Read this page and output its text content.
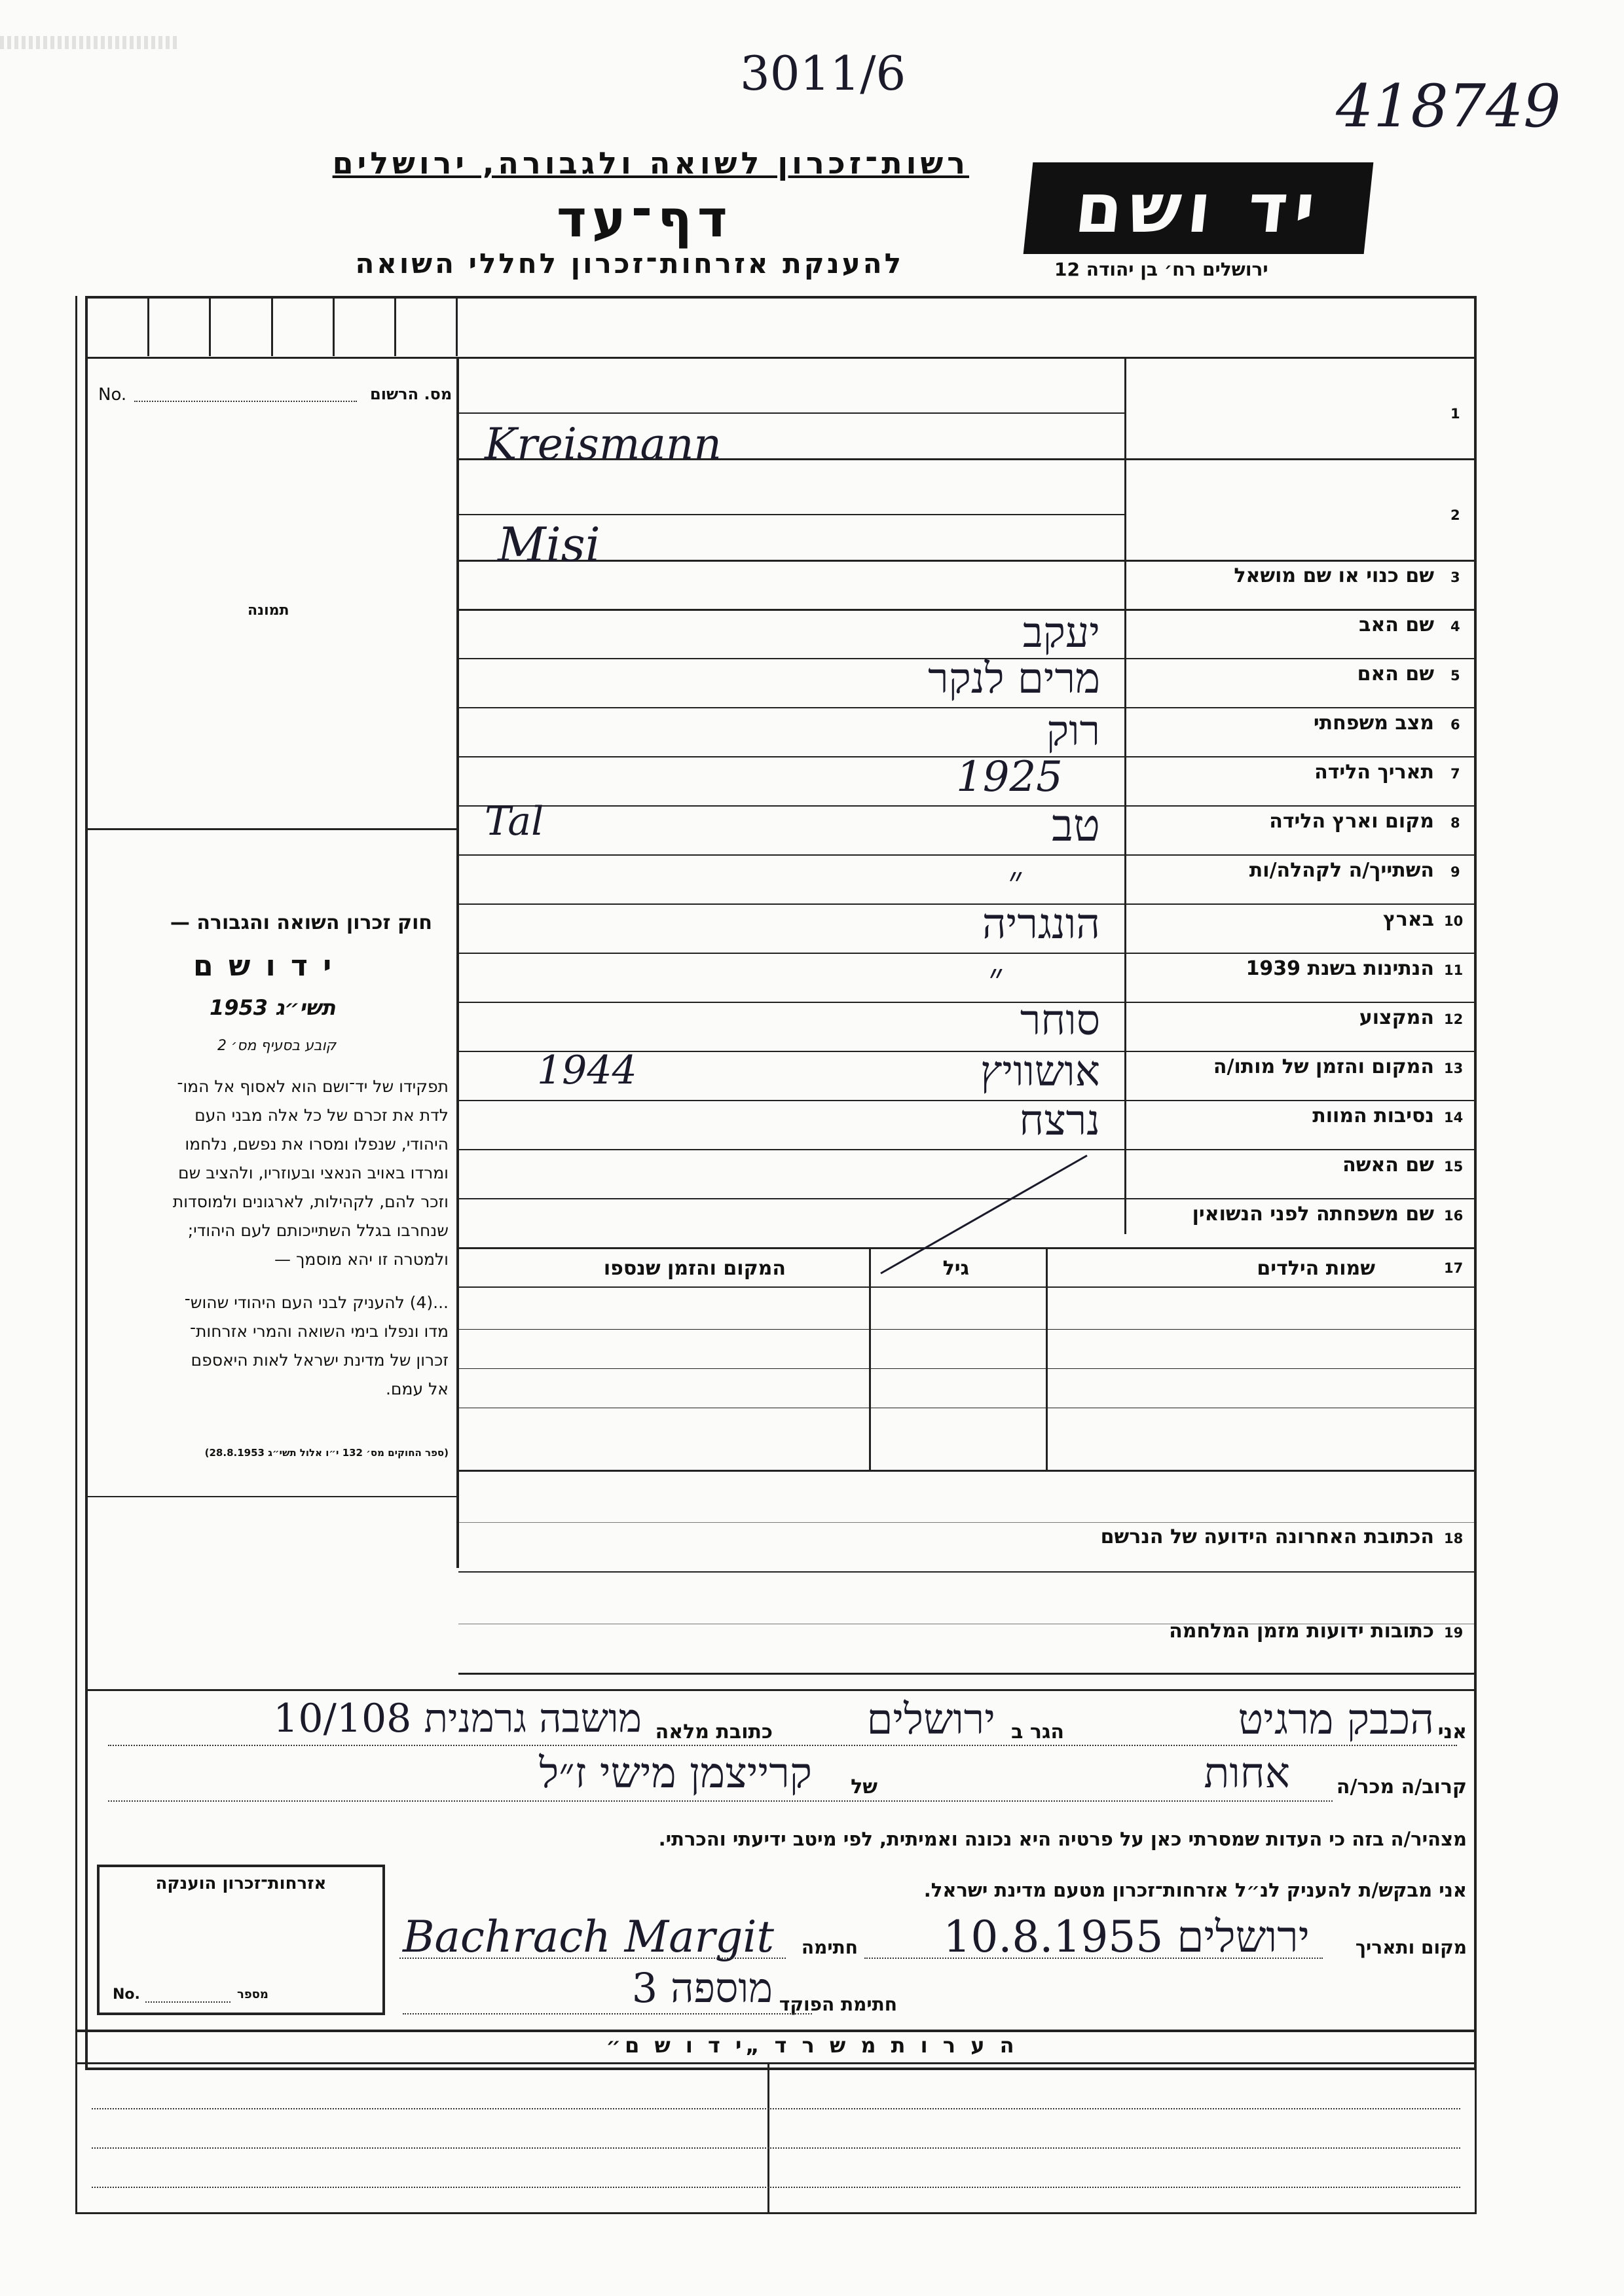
3011/6	418749
רשות־זכרון לשואה ולגבורה, ירושלים
דף־עד
להענקת אזרחות־זכרון לחללי השואה
יד ושם
ירושלים רח׳ בן יהודה 12
No.	מס. הרשום
תמונה
חוק זכרון השואה והגבורה —
י ד ו ש ם
תשי״ג 1953
קובע בסעיף מס׳ 2
תפקידו של יד־ושם הוא לאסוף אל המו־
לדת את זכרם של כל אלה מבני העם
היהודי, שנפלו ומסרו את נפשם, נלחמו
ומרדו באויב הנאצי ובעוזריו, ולהציב שם
וזכר להם, לקהילות, לארגונים ולמוסדות
שנחרבו בגלל השתייכותם לעם היהודי;
ולמטרה זו יהא מוסמך —
...(4) להעניק לבני העם היהודי שהוש־
מדו ונפלו בימי השואה והמרי אזרחות־
זכרון של מדינת ישראל לאות היאספם
אל עמם.
(ספר החוקים מס׳ 132 י״ו אלול תשי״ג 28.8.1953)
1
Kreismann
2
Misi
3
שם כנוי או שם מושאל
4
שם האב
יעקב
5
שם האם
מרים לנקר
6
מצב משפחתי
רוק
7
תאריך הלידה
1925
8
מקום וארץ הלידה
טב
Tal
9
השתייך/ה לקהלה/ות
״
10
בארץ
הונגריה
11
הנתינות בשנת 1939
״
12
המקצוע
סוחר
13
המקום והזמן של מותו/ה
אושוויץ
1944
14
נסיבות המוות
נרצח
15
שם האשה
16
שם משפחתה לפני הנשואין
17
שמות הילדים
גיל
המקום והזמן שנספו
18
הכתובת האחרונה הידועה של הנרשם
19
כתובות ידועות מזמן המלחמה
אני
הכבק מרגיט
הגר ב
ירושלים
כתובת מלאה
מושבה גרמנית 10/108
קרוב/ה מכר/ה
אחות
של
קרייצמן מישי ז״ל
מצהיר/ה בזה כי העדות שמסרתי כאן על פרטיה היא נכונה ואמיתית, לפי מיטב ידיעתי והכרתי.
אני מבקש/ת להעניק לנ״ל אזרחות־זכרון מטעם מדינת ישראל.
מקום ותאריך
ירושלים 10.8.1955
חתימה
Bachrach Margit
חתימת הפוקד
מוספה 3
אזרחות־זכרון הוענקה
No.	מספר
ה ע ר ו ת מ ש ר ד „י ד ו ש ם״
